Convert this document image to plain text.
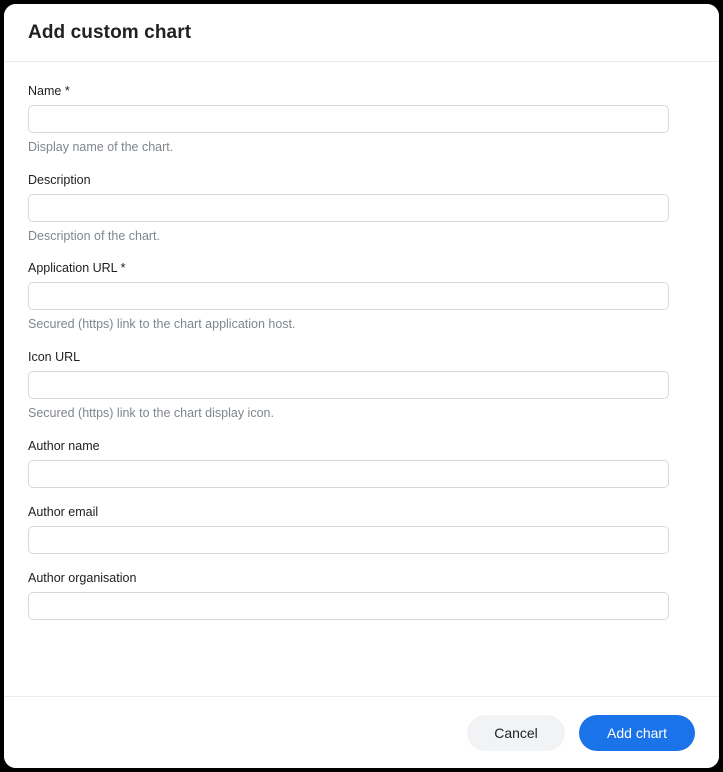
Add custom chart
Name *
Display name of the chart.
Description
Description of the chart.
Application URL *
Secured (https) link to the chart application host.
Icon URL
Secured (https) link to the chart display icon.
Author name
Author email
Author organisation
Cancel	Add chart
